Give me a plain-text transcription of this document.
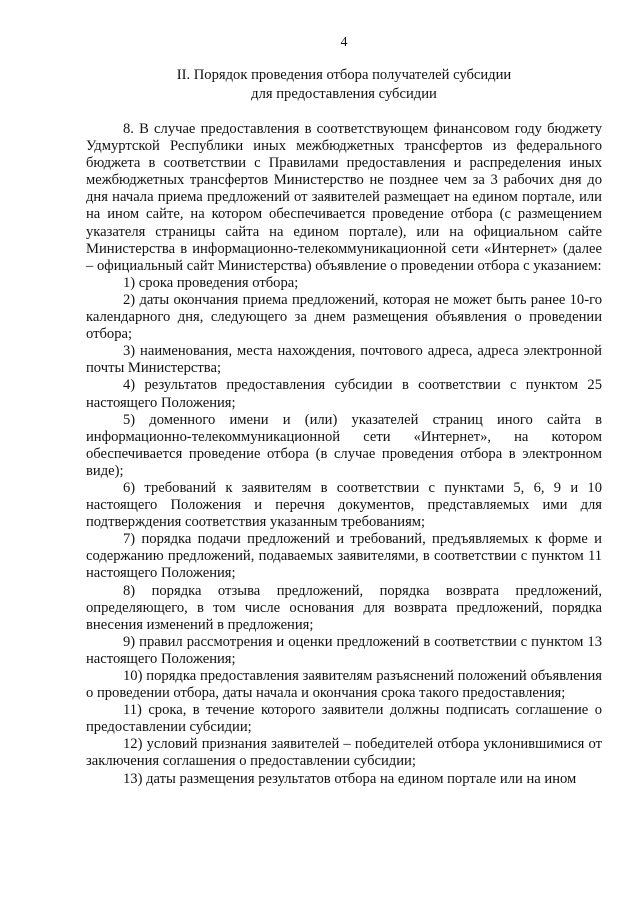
4
II. Порядок проведения отбора получателей субсидии
для предоставления субсидии

8. В случае предоставления в соответствующем финансовом году бюджету Удмуртской Республики иных межбюджетных трансфертов из федерального бюджета в соответствии с Правилами предоставления и распределения иных межбюджетных трансфертов Министерство не позднее чем за 3 рабочих дня до дня начала приема предложений от заявителей размещает на едином портале, или на ином сайте, на котором обеспечивается проведение отбора (с размещением указателя страницы сайта на едином портале), или на официальном сайте Министерства в информационно-телекоммуникационной сети «Интернет» (далее – официальный сайт Министерства) объявление о проведении отбора с указанием:

1) срока проведения отбора;

2) даты окончания приема предложений, которая не может быть ранее 10-го календарного дня, следующего за днем размещения объявления о проведении отбора;

3) наименования, места нахождения, почтового адреса, адреса электронной почты Министерства;

4) результатов предоставления субсидии в соответствии с пунктом 25 настоящего Положения;

5) доменного имени и (или) указателей страниц иного сайта в информационно-телекоммуникационной сети «Интернет», на котором обеспечивается проведение отбора (в случае проведения отбора в электронном виде);

6) требований к заявителям в соответствии с пунктами 5, 6, 9 и 10 настоящего Положения и перечня документов, представляемых ими для подтверждения соответствия указанным требованиям;

7) порядка подачи предложений и требований, предъявляемых к форме и содержанию предложений, подаваемых заявителями, в соответствии с пунктом 11 настоящего Положения;

8) порядка отзыва предложений, порядка возврата предложений, определяющего, в том числе основания для возврата предложений, порядка внесения изменений в предложения;

9) правил рассмотрения и оценки предложений в соответствии с пунктом 13 настоящего Положения;

10) порядка предоставления заявителям разъяснений положений объявления о проведении отбора, даты начала и окончания срока такого предоставления;

11) срока, в течение которого заявители должны подписать соглашение о предоставлении субсидии;

12) условий признания заявителей – победителей отбора уклонившимися от заключения соглашения о предоставлении субсидии;

13) даты размещения результатов отбора на едином портале или на ином
